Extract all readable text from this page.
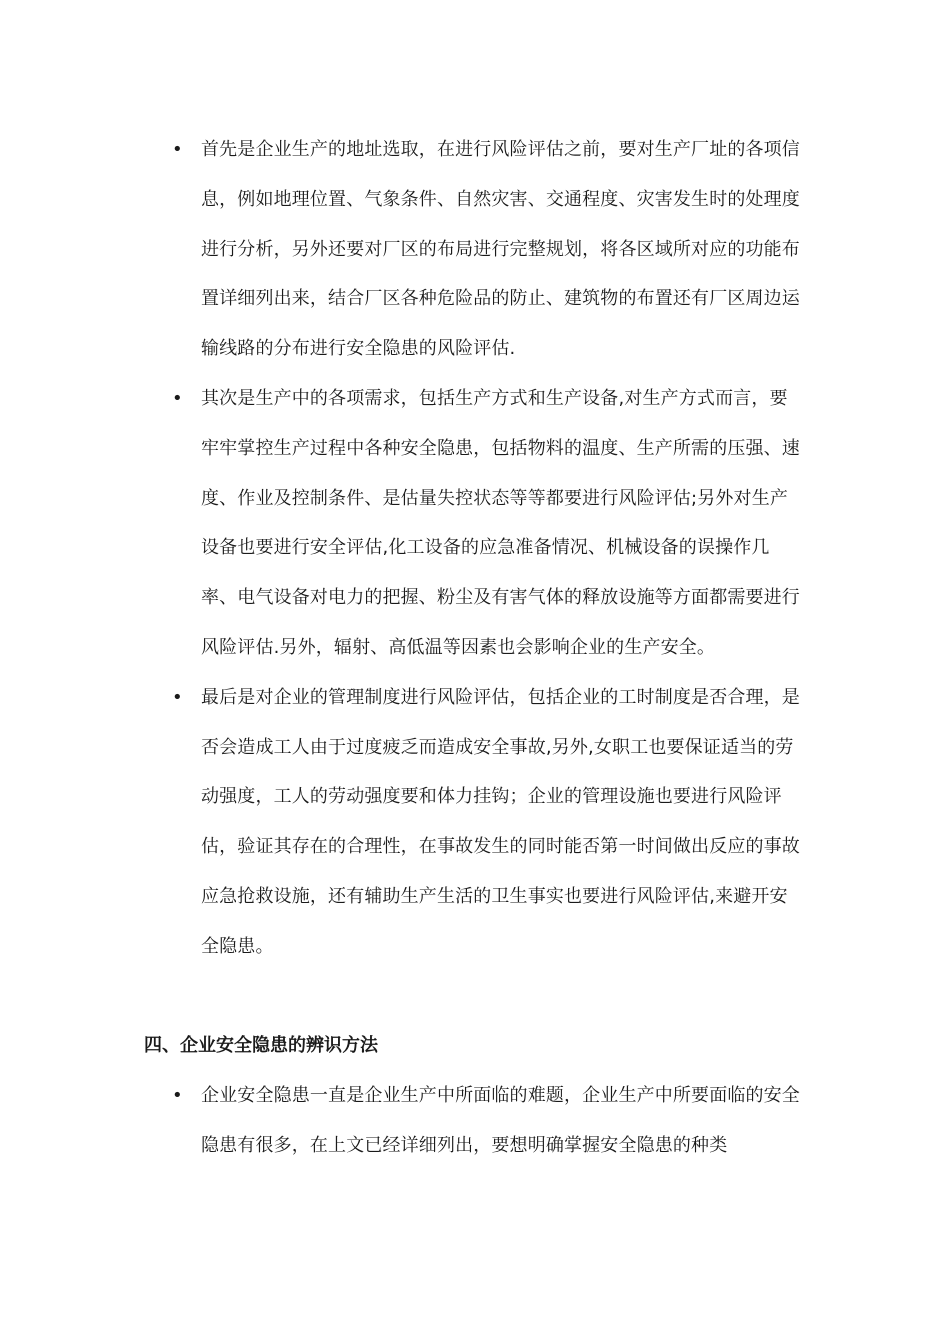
• 首先是企业生产的地址选取，在进行风险评估之前，要对生产厂址的各项信息，例如地理位置、气象条件、自然灾害、交通程度、灾害发生时的处理度进行分析，另外还要对厂区的布局进行完整规划，将各区域所对应的功能布置详细列出来，结合厂区各种危险品的防止、建筑物的布置还有厂区周边运输线路的分布进行安全隐患的风险评估.
• 其次是生产中的各项需求，包括生产方式和生产设备,对生产方式而言，要牢牢掌控生产过程中各种安全隐患，包括物料的温度、生产所需的压强、速度、作业及控制条件、是估量失控状态等等都要进行风险评估;另外对生产设备也要进行安全评估,化工设备的应急准备情况、机械设备的误操作几率、电气设备对电力的把握、粉尘及有害气体的释放设施等方面都需要进行风险评估.另外，辐射、高低温等因素也会影响企业的生产安全。
• 最后是对企业的管理制度进行风险评估，包括企业的工时制度是否合理，是否会造成工人由于过度疲乏而造成安全事故,另外,女职工也要保证适当的劳动强度，工人的劳动强度要和体力挂钩；企业的管理设施也要进行风险评估，验证其存在的合理性，在事故发生的同时能否第一时间做出反应的事故应急抢救设施，还有辅助生产生活的卫生事实也要进行风险评估,来避开安全隐患。
四、企业安全隐患的辨识方法
• 企业安全隐患一直是企业生产中所面临的难题，企业生产中所要面临的安全隐患有很多，在上文已经详细列出，要想明确掌握安全隐患的种类
